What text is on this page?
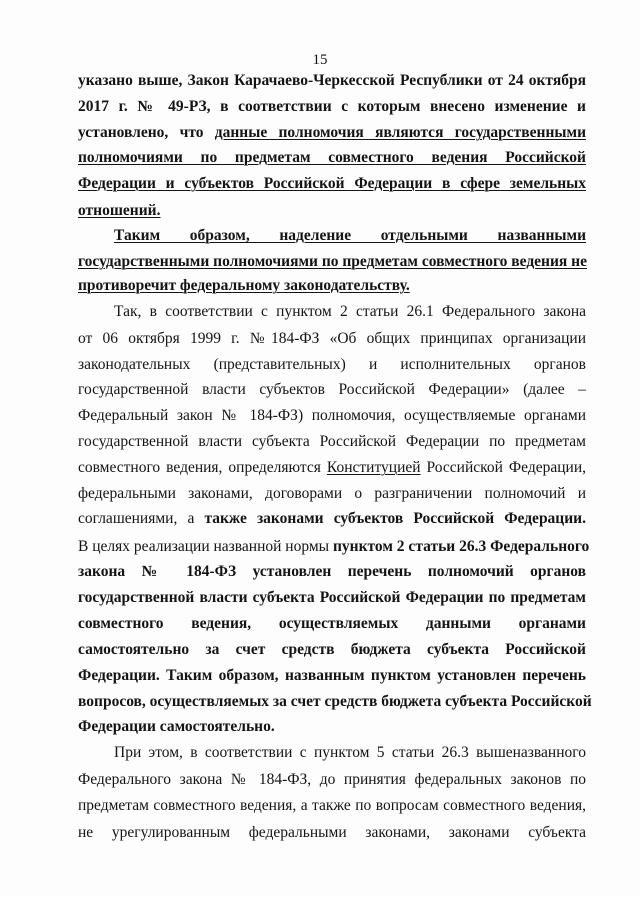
15
указано выше, Закон Карачаево-Черкесской Республики от 24 октября
2017 г. № 49-РЗ, в соответствии с которым внесено изменение и
установлено, что данные полномочия являются государственными
полномочиями по предметам совместного ведения Российской
Федерации и субъектов Российской Федерации в сфере земельных
отношений.
Таким образом, наделение отдельными названными
государственными полномочиями по предметам совместного ведения не
противоречит федеральному законодательству.
Так, в соответствии с пунктом 2 статьи 26.1 Федерального закона
от 06 октября 1999 г. №184-ФЗ «Об общих принципах организации
законодательных (представительных) и исполнительных органов
государственной власти субъектов Российской Федерации» (далее –
Федеральный закон № 184-ФЗ) полномочия, осуществляемые органами
государственной власти субъекта Российской Федерации по предметам
совместного ведения, определяются Конституцией Российской Федерации,
федеральными законами, договорами о разграничении полномочий и
соглашениями, а также законами субъектов Российской Федерации.
В целях реализации названной нормы пунктом 2 статьи 26.3 Федерального
закона № 184-ФЗ установлен перечень полномочий органов
государственной власти субъекта Российской Федерации по предметам
совместного ведения, осуществляемых данными органами
самостоятельно за счет средств бюджета субъекта Российской
Федерации. Таким образом, названным пунктом установлен перечень
вопросов, осуществляемых за счет средств бюджета субъекта Российской
Федерации самостоятельно.
При этом, в соответствии с пунктом 5 статьи 26.3 вышеназванного
Федерального закона № 184-ФЗ, до принятия федеральных законов по
предметам совместного ведения, а также по вопросам совместного ведения,
не урегулированным федеральными законами, законами субъекта
